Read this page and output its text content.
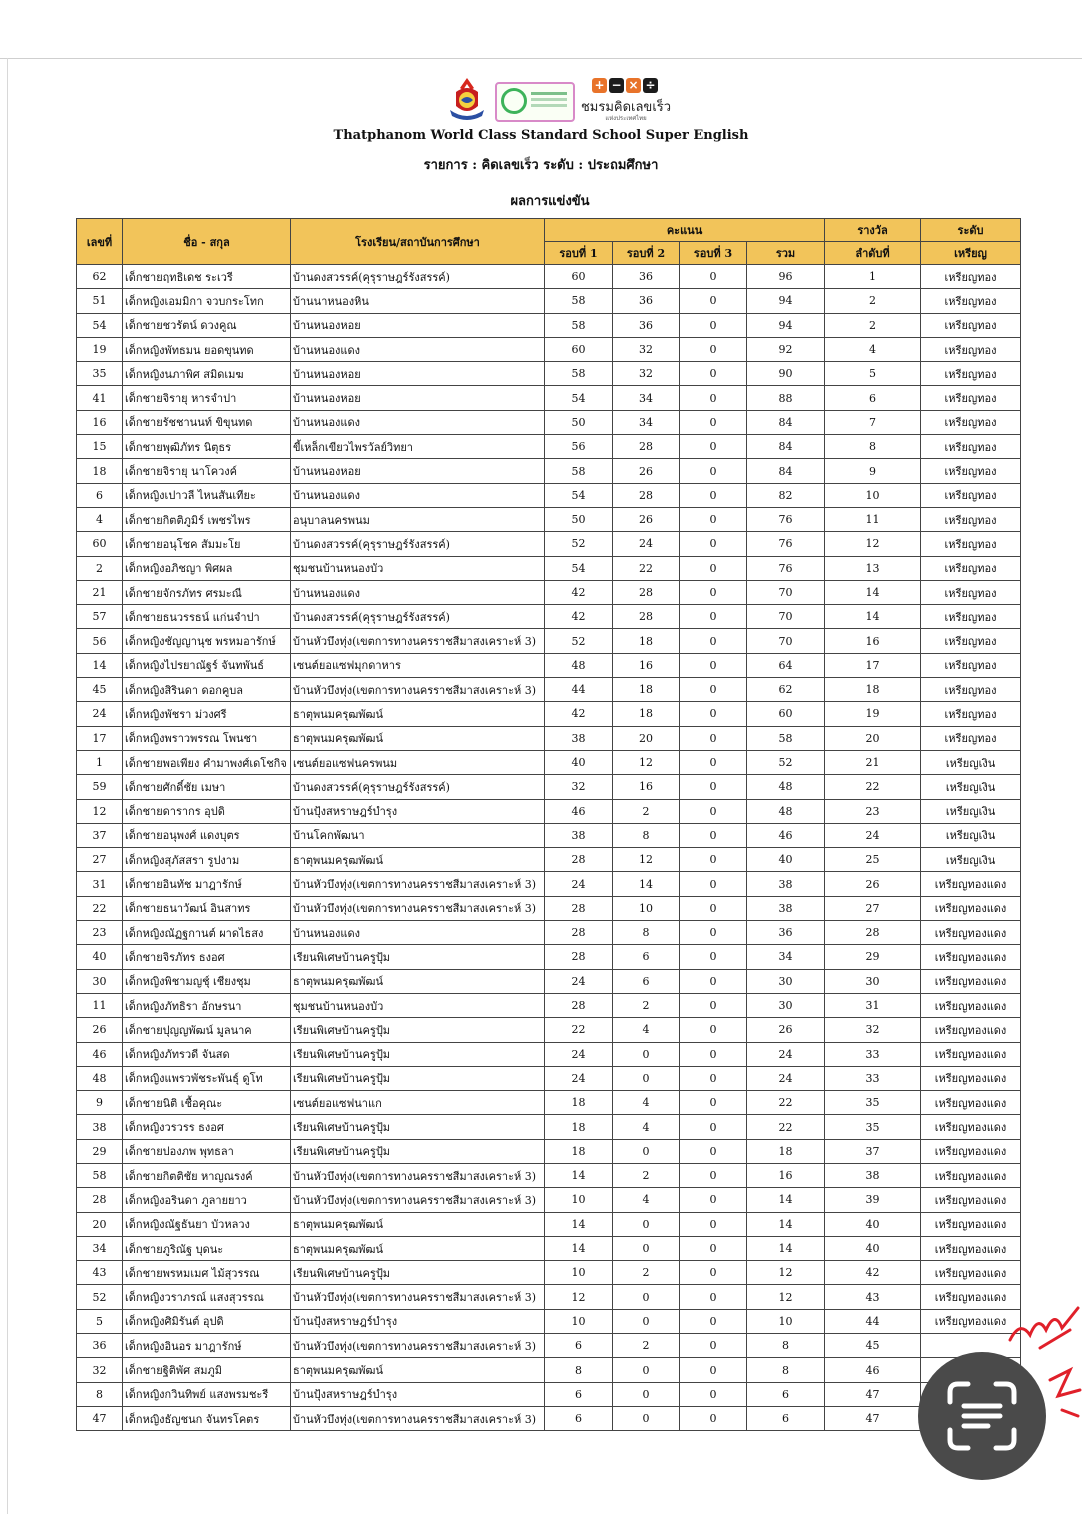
+ − × ÷
ชมรมคิดเลขเร็ว
แห่งประเทศไทย
Thatphanom World Class Standard School Super English
รายการ : คิดเลขเร็ว ระดับ : ประถมศึกษา
ผลการแข่งขัน
เลขที่	ชื่อ - สกุล	โรงเรียน/สถาบันการศึกษา	คะแนน				รางวัล	ระดับ
			รอบที่ 1	รอบที่ 2	รอบที่ 3	รวม	ลำดับที่	เหรียญ
62	เด็กชายฤทธิเดช ระเวรี	บ้านดงสวรรค์(คุรุราษฎร์รังสรรค์)	60	36	0	96	1	เหรียญทอง
51	เด็กหญิงเอมมิกา จวบกระโทก	บ้านนาหนองหิน	58	36	0	94	2	เหรียญทอง
54	เด็กชายชวรัตน์ ดวงคูณ	บ้านหนองหอย	58	36	0	94	2	เหรียญทอง
19	เด็กหญิงพัทธมน ยอดขุนทด	บ้านหนองแดง	60	32	0	92	4	เหรียญทอง
35	เด็กหญิงนภาพิศ สมิดเมฆ	บ้านหนองหอย	58	32	0	90	5	เหรียญทอง
41	เด็กชายจิรายุ หารจำปา	บ้านหนองหอย	54	34	0	88	6	เหรียญทอง
16	เด็กชายรัชชานนท์ ขิขุนทด	บ้านหนองแดง	50	34	0	84	7	เหรียญทอง
15	เด็กชายพุฒิภัทร นิตุธร	ขี้เหล็กเขียวไพรวัลย์วิทยา	56	28	0	84	8	เหรียญทอง
18	เด็กชายจิรายุ นาโควงค์	บ้านหนองหอย	58	26	0	84	9	เหรียญทอง
6	เด็กหญิงเปาวลี ไหนสันเทียะ	บ้านหนองแดง	54	28	0	82	10	เหรียญทอง
4	เด็กชายกิตติภูมิร์ เพชรไพร	อนุบาลนครพนม	50	26	0	76	11	เหรียญทอง
60	เด็กชายอนุโชค สัมมะโย	บ้านดงสวรรค์(คุรุราษฎร์รังสรรค์)	52	24	0	76	12	เหรียญทอง
2	เด็กหญิงอภิชญา พิศผล	ชุมชนบ้านหนองบัว	54	22	0	76	13	เหรียญทอง
21	เด็กชายจักรภัทร ศรมะณี	บ้านหนองแดง	42	28	0	70	14	เหรียญทอง
57	เด็กชายธนวรรธน์ แก่นจำปา	บ้านดงสวรรค์(คุรุราษฎร์รังสรรค์)	42	28	0	70	14	เหรียญทอง
56	เด็กหญิงชัญญานุช พรหมอารักษ์	บ้านหัวบึงทุ่ง(เขตการทางนครราชสีมาสงเคราะห์ 3)	52	18	0	70	16	เหรียญทอง
14	เด็กหญิงไปรยาณัฐร์ จันทพันธ์	เซนต์ยอแซฟมุกดาหาร	48	16	0	64	17	เหรียญทอง
45	เด็กหญิงสิรินดา ดอกคูบล	บ้านหัวบึงทุ่ง(เขตการทางนครราชสีมาสงเคราะห์ 3)	44	18	0	62	18	เหรียญทอง
24	เด็กหญิงพัชรา ม่วงศรี	ธาตุพนมครุฒพัฒน์	42	18	0	60	19	เหรียญทอง
17	เด็กหญิงพราวพรรณ โพนชา	ธาตุพนมครุฒพัฒน์	38	20	0	58	20	เหรียญทอง
1	เด็กชายพอเพียง คำมาพงศ์เดโชกิจ	เซนต์ยอแซฟนครพนม	40	12	0	52	21	เหรียญเงิน
59	เด็กชายศักดิ์ชัย เมษา	บ้านดงสวรรค์(คุรุราษฎร์รังสรรค์)	32	16	0	48	22	เหรียญเงิน
12	เด็กชายดารากร อุปดิ	บ้านปุ้งสหราษฎร์บำรุง	46	2	0	48	23	เหรียญเงิน
37	เด็กชายอนุพงศ์ แดงบุตร	บ้านโคกพัฒนา	38	8	0	46	24	เหรียญเงิน
27	เด็กหญิงสุภัสสรา รูปงาม	ธาตุพนมครุฒพัฒน์	28	12	0	40	25	เหรียญเงิน
31	เด็กชายอินทัช มาฎารักษ์	บ้านหัวบึงทุ่ง(เขตการทางนครราชสีมาสงเคราะห์ 3)	24	14	0	38	26	เหรียญทองแดง
22	เด็กชายธนาวัฒน์ อินสาทร	บ้านหัวบึงทุ่ง(เขตการทางนครราชสีมาสงเคราะห์ 3)	28	10	0	38	27	เหรียญทองแดง
23	เด็กหญิงณัฏฐกานต์ ผาดไธสง	บ้านหนองแดง	28	8	0	36	28	เหรียญทองแดง
40	เด็กชายจิรภัทร ธงอศ	เรียนพิเศษบ้านครูปุ้ม	28	6	0	34	29	เหรียญทองแดง
30	เด็กหญิงพิชามญชุ์ เชียงชุม	ธาตุพนมครุฒพัฒน์	24	6	0	30	30	เหรียญทองแดง
11	เด็กหญิงภัทธิรา อักษรนา	ชุมชนบ้านหนองบัว	28	2	0	30	31	เหรียญทองแดง
26	เด็กชายปุญญพัฒน์ มูลนาค	เรียนพิเศษบ้านครูปุ้ม	22	4	0	26	32	เหรียญทองแดง
46	เด็กหญิงภัทรวดี จันสด	เรียนพิเศษบ้านครูปุ้ม	24	0	0	24	33	เหรียญทองแดง
48	เด็กหญิงแพรวพัชระพันธุ์ ดูโท	เรียนพิเศษบ้านครูปุ้ม	24	0	0	24	33	เหรียญทองแดง
9	เด็กชายนิติ เชื้อคุณะ	เซนต์ยอแซฟนาแก	18	4	0	22	35	เหรียญทองแดง
38	เด็กหญิงวรวรร ธงอศ	เรียนพิเศษบ้านครูปุ้ม	18	4	0	22	35	เหรียญทองแดง
29	เด็กชายปองภพ พุทธลา	เรียนพิเศษบ้านครูปุ้ม	18	0	0	18	37	เหรียญทองแดง
58	เด็กชายกิตติชัย หาญณรงค์	บ้านหัวบึงทุ่ง(เขตการทางนครราชสีมาสงเคราะห์ 3)	14	2	0	16	38	เหรียญทองแดง
28	เด็กหญิงอรินดา ภูลายยาว	บ้านหัวบึงทุ่ง(เขตการทางนครราชสีมาสงเคราะห์ 3)	10	4	0	14	39	เหรียญทองแดง
20	เด็กหญิงณัฐธันยา บัวหลวง	ธาตุพนมครุฒพัฒน์	14	0	0	14	40	เหรียญทองแดง
34	เด็กชายภูริณัฐ บุดนะ	ธาตุพนมครุฒพัฒน์	14	0	0	14	40	เหรียญทองแดง
43	เด็กชายพรหมเมศ ไม้สุวรรณ	เรียนพิเศษบ้านครูปุ้ม	10	2	0	12	42	เหรียญทองแดง
52	เด็กหญิงวราภรณ์ แสงสุวรรณ	บ้านหัวบึงทุ่ง(เขตการทางนครราชสีมาสงเคราะห์ 3)	12	0	0	12	43	เหรียญทองแดง
5	เด็กหญิงศิมิรันต์ อุปดิ	บ้านปุ้งสหราษฎร์บำรุง	10	0	0	10	44	เหรียญทองแดง
36	เด็กหญิงอินอร มาฎารักษ์	บ้านหัวบึงทุ่ง(เขตการทางนครราชสีมาสงเคราะห์ 3)	6	2	0	8	45	
32	เด็กชายฐิติพัศ สมภูมิ	ธาตุพนมครุฒพัฒน์	8	0	0	8	46	
8	เด็กหญิงกวินทิพย์ แสงพรมชะรี	บ้านปุ้งสหราษฎร์บำรุง	6	0	0	6	47	
47	เด็กหญิงธัญชนก จันทรโคตร	บ้านหัวบึงทุ่ง(เขตการทางนครราชสีมาสงเคราะห์ 3)	6	0	0	6	47	
